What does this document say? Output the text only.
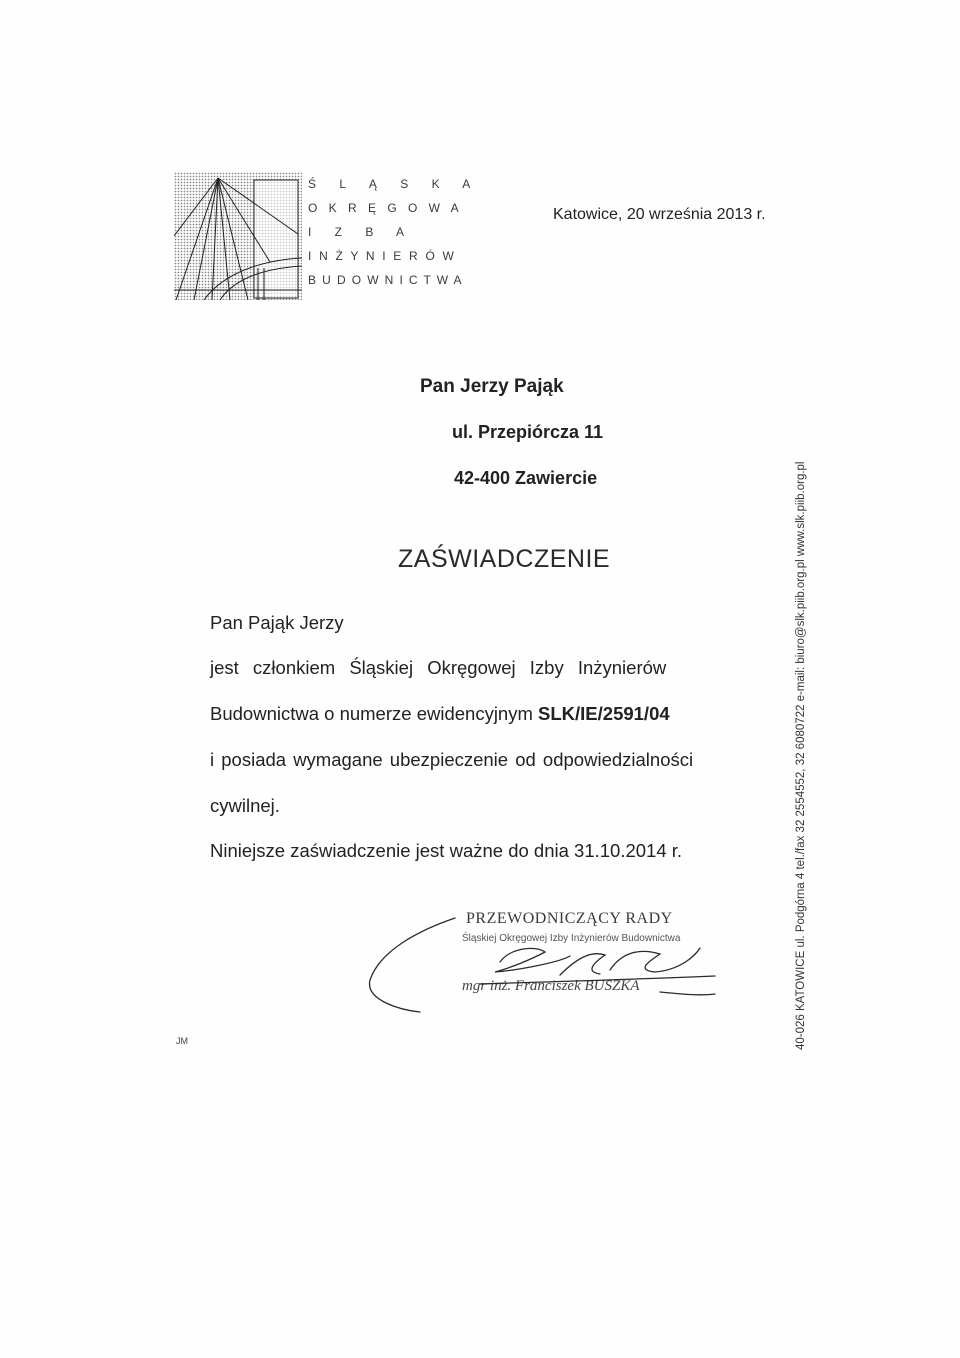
Ś L Ą S K A
O K R Ę G O W A
I Z B A
I N Ż Y N I E R Ó W
B U D O W N I C T W A
Katowice, 20 września 2013 r.
Pan Jerzy Pająk
ul. Przepiórcza 11
42-400 Zawiercie
ZAŚWIADCZENIE
Pan Pająk Jerzy
jest członkiem Śląskiej Okręgowej Izby Inżynierów
Budownictwa o numerze ewidencyjnym SLK/IE/2591/04
i posiada wymagane ubezpieczenie od odpowiedzialności
cywilnej.
Niniejsze zaświadczenie jest ważne do dnia 31.10.2014 r.
PRZEWODNICZĄCY RADY
Śląskiej Okręgowej Izby Inżynierów Budownictwa
mgr inż. Franciszek BUSZKA	40-026 KATOWICE ul. Podgórna 4 tel./fax 32 2554552, 32 6080722 e-mail: biuro@slk.piib.org.pl www.slk.piib.org.pl
JM
